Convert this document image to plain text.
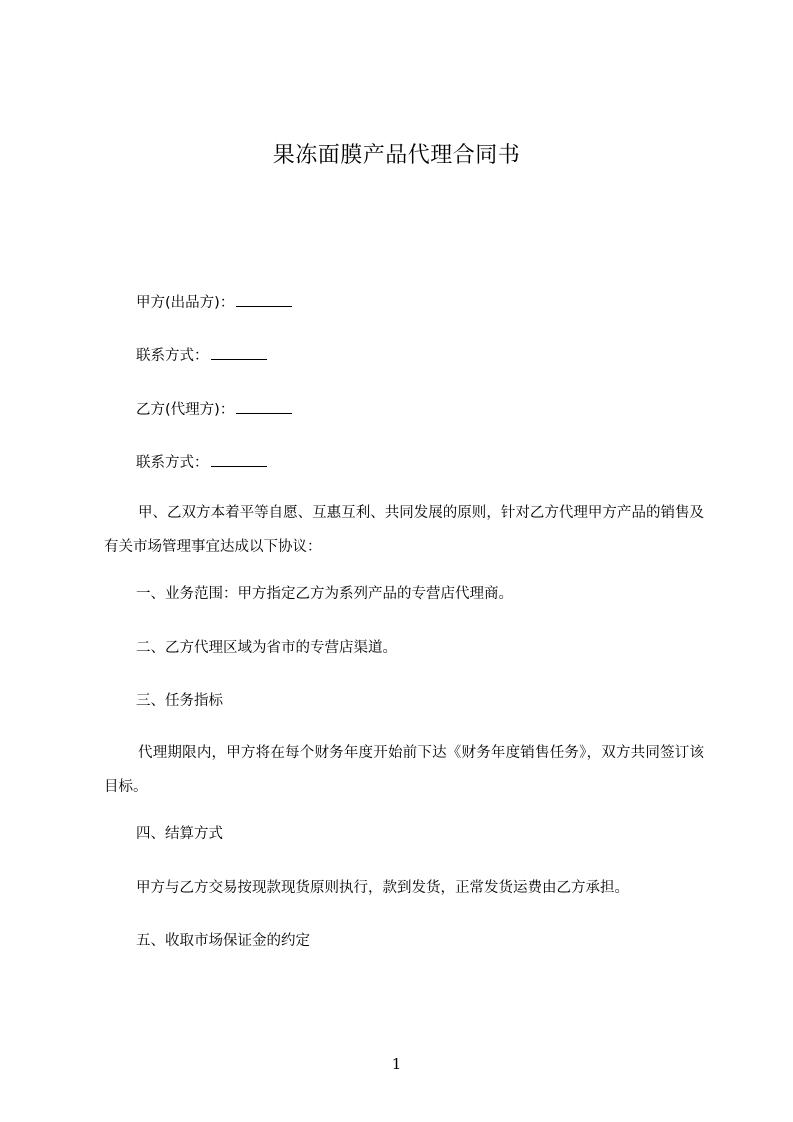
果冻面膜产品代理合同书
甲方(出品方)：
联系方式：
乙方(代理方)：
联系方式：
甲、乙双方本着平等自愿、互惠互利、共同发展的原则，针对乙方代理甲方产品的销售及有关市场管理事宜达成以下协议：
一、业务范围：甲方指定乙方为系列产品的专营店代理商。
二、乙方代理区域为省市的专营店渠道。
三、任务指标
代理期限内，甲方将在每个财务年度开始前下达《财务年度销售任务》，双方共同签订该目标。
四、结算方式
甲方与乙方交易按现款现货原则执行，款到发货，正常发货运费由乙方承担。
五、收取市场保证金的约定
1
